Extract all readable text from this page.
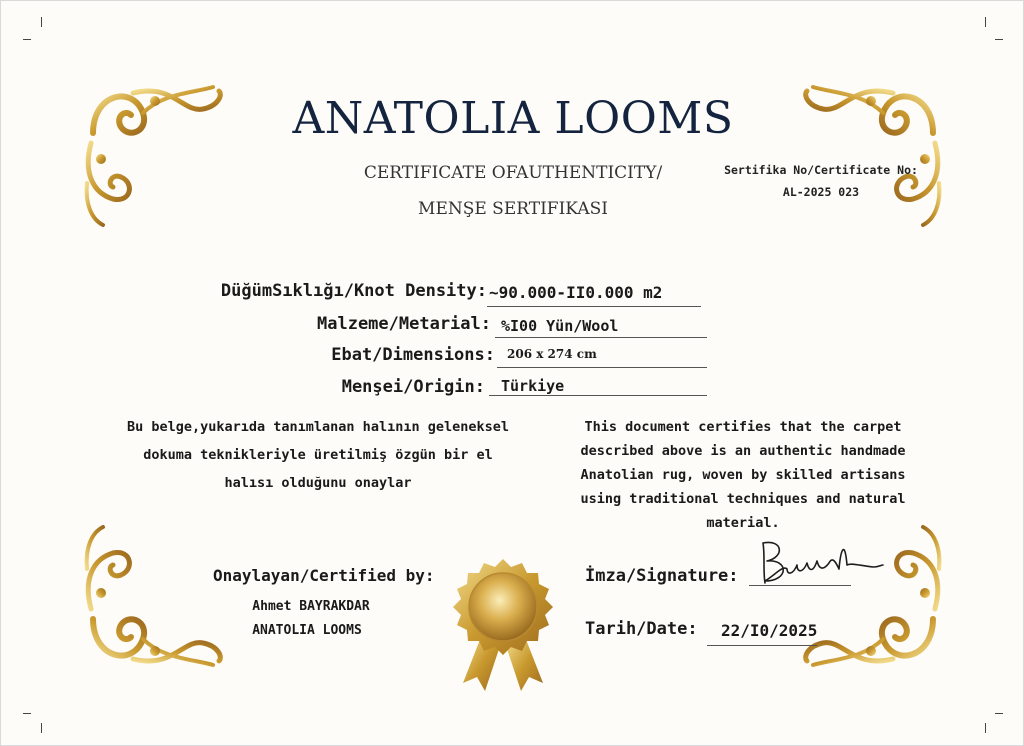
ANATOLIA LOOMS
CERTIFICATE OFAUTHENTICITY/
MENŞE SERTIFIKASI
Sertifika No/Certificate No:
AL-2025 023
DüğümSıklığı/Knot Density: ~90.000-II0.000 m2
Malzeme/Metarial: %I00 Yün/Wool
Ebat/Dimensions: 206 x 274 cm
Menşei/Origin: Türkiye
Bu belge,yukarıda tanımlanan halının geleneksel
dokuma teknikleriyle üretilmiş özgün bir el
halısı olduğunu onaylar
This document certifies that the carpet
described above is an authentic handmade
Anatolian rug, woven by skilled artisans
using traditional techniques and natural
material.
Onaylayan/Certified by:
Ahmet BAYRAKDAR
ANATOLIA LOOMS
İmza/Signature:
Tarih/Date: 22/I0/2025
